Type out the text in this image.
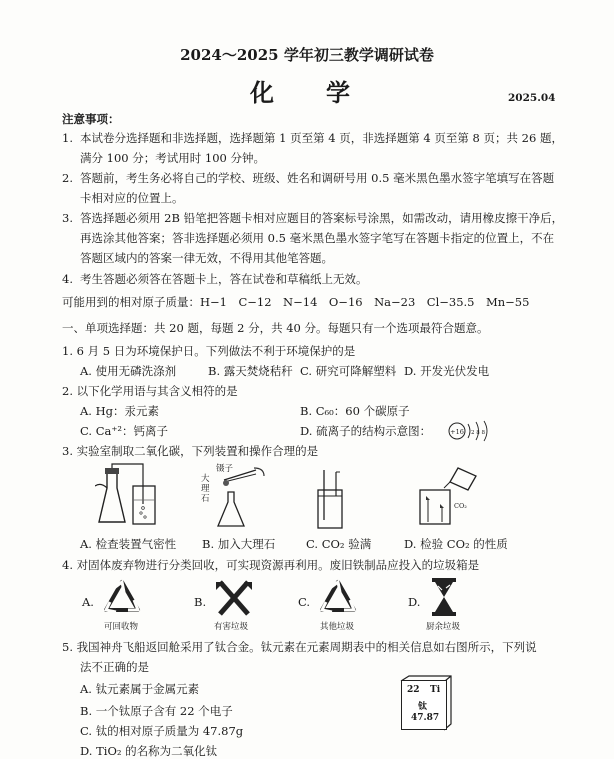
2024～2025 学年初三教学调研试卷
化　学	2025.04
注意事项：
1. 本试卷分选择题和非选择题，选择题第 1 页至第 4 页，非选择题第 4 页至第 8 页；共 26 题，
满分 100 分；考试用时 100 分钟。
2. 答题前，考生务必将自己的学校、班级、姓名和调研号用 0.5 毫米黑色墨水签字笔填写在答题
卡相对应的位置上。
3. 答选择题必须用 2B 铅笔把答题卡相对应题目的答案标号涂黑，如需改动，请用橡皮擦干净后，
再选涂其他答案；答非选择题必须用 0.5 毫米黑色墨水签字笔写在答题卡指定的位置上，不在
答题区域内的答案一律无效，不得用其他笔答题。
4. 考生答题必须答在答题卡上，答在试卷和草稿纸上无效。
可能用到的相对原子质量：H−1　C−12　N−14　O−16　Na−23　Cl−35.5　Mn−55
一、单项选择题：共 20 题，每题 2 分，共 40 分。每题只有一个选项最符合题意。
1. 6 月 5 日为环境保护日。下列做法不利于环境保护的是
A. 使用无磷洗涤剂	B. 露天焚烧秸秆 C. 研究可降解塑料 D. 开发光伏发电
2. 以下化学用语与其含义相符的是
A. Hg：汞元素	B. C₆₀：60 个碳原子
C. Ca⁺²：钙离子	D. 硫离子的结构示意图：	+16 2 8 8
3. 实验室制取二氧化碳，下列装置和操作合理的是
镊子
大
理
石
CO₂
A. 检查装置气密性 B. 加入大理石	C. CO₂ 验满	D. 检验 CO₂ 的性质
4. 对固体废弃物进行分类回收，可实现资源再利用。废旧铁制品应投入的垃圾箱是
A.
可回收物
B.
有害垃圾
C.
其他垃圾
D.
厨余垃圾
5. 我国神舟飞船返回舱采用了钛合金。钛元素在元素周期表中的相关信息如右图所示，下列说
法不正确的是
A. 钛元素属于金属元素
B. 一个钛原子含有 22 个电子
C. 钛的相对原子质量为 47.87g
D. TiO₂ 的名称为二氧化钛
22 Ti
钛
47.87
